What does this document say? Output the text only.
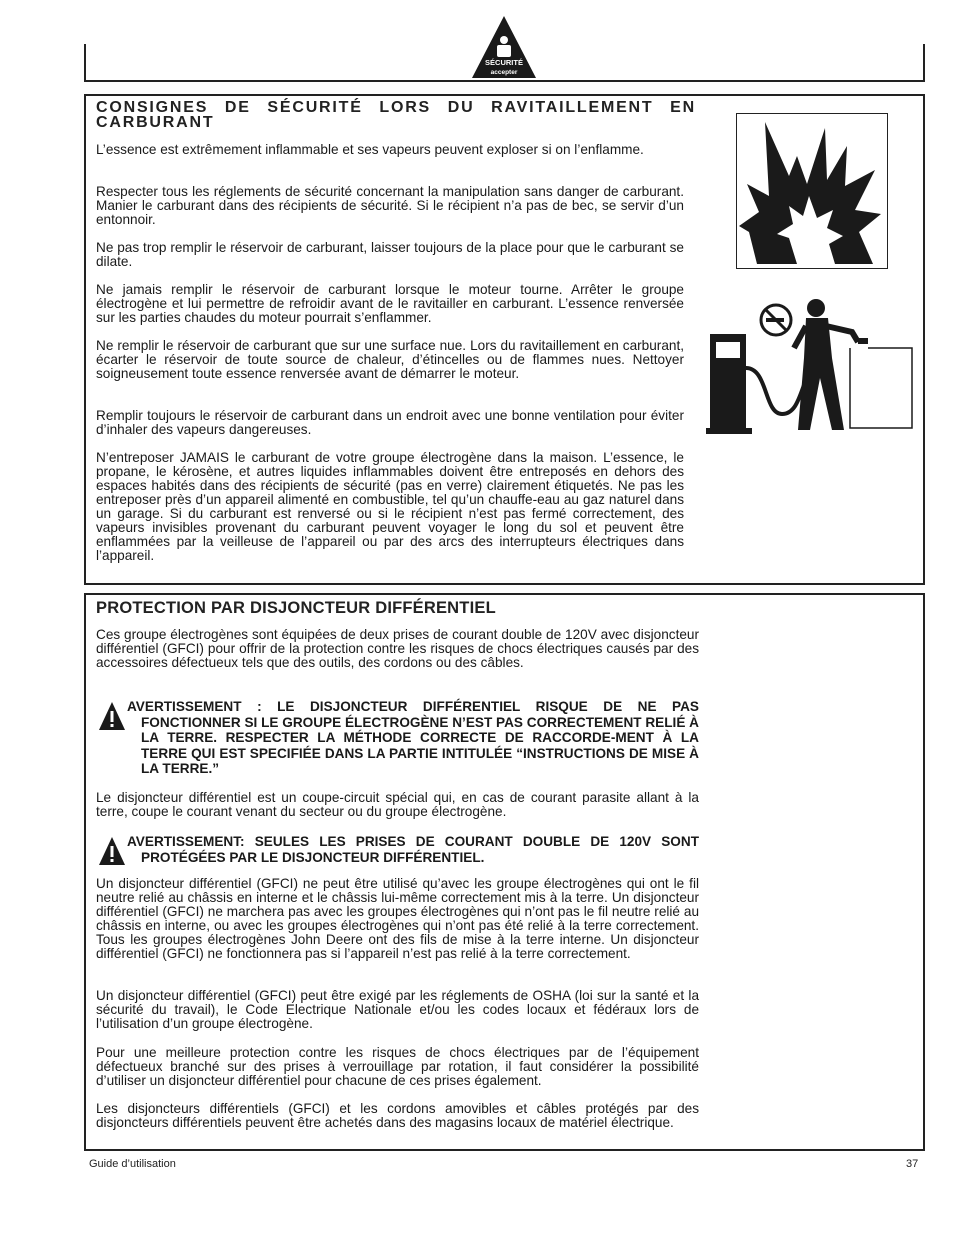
SÉCURITÉ
accepter
CONSIGNES DE SÉCURITÉ LORS DU RAVITAILLEMENT EN CARBURANT
L’essence est extrêmement inflammable et ses vapeurs peuvent exploser si on l’enflamme.
Respecter tous les réglements de sécurité concernant la manipulation sans danger de carburant. Manier le carburant dans des récipients de sécurité. Si le récipient n’a pas de bec, se servir d’un entonnoir.
Ne pas trop remplir le réservoir de carburant, laisser toujours de la place pour que le carburant se dilate.
Ne jamais remplir le réservoir de carburant lorsque le moteur tourne. Arrêter le groupe électrogène et lui permettre de refroidir avant de le ravitailler en carburant. L’essence renversée sur les parties chaudes du moteur pourrait s’enflammer.
Ne remplir le réservoir de carburant que sur une surface nue. Lors du ravitaillement en carburant, écarter le réservoir de toute source de chaleur, d’étincelles ou de flammes nues. Nettoyer soigneusement toute essence renversée avant de démarrer le moteur.
Remplir toujours le réservoir de carburant dans un endroit avec une bonne ventilation pour éviter d’inhaler des vapeurs dangereuses.
N’entreposer JAMAIS le carburant de votre groupe électrogène dans la maison. L’essence, le propane, le kérosène, et autres liquides inflammables doivent être entreposés en dehors des espaces habités dans des récipients de sécurité (pas en verre) clairement étiquetés. Ne pas les entreposer près d’un appareil alimenté en combustible, tel qu’un chauffe-eau au gaz naturel dans un garage. Si du carburant est renversé ou si le récipient n’est pas fermé correctement, des vapeurs invisibles provenant du carburant peuvent voyager le long du sol et peuvent être enflammées par la veilleuse de l’appareil ou par des arcs des interrupteurs électriques dans l’appareil.
PROTECTION PAR DISJONCTEUR DIFFÉRENTIEL
Ces groupe électrogènes sont équipées de deux prises de courant double de 120V avec disjoncteur différentiel (GFCI) pour offrir de la protection contre les risques de chocs électriques causés par des accessoires défectueux tels que des outils, des cordons ou des câbles.
AVERTISSEMENT : LE DISJONCTEUR DIFFÉRENTIEL RISQUE DE NE PAS FONCTIONNER SI LE GROUPE ÉLECTROGÈNE N’EST PAS CORRECTEMENT RELIÉ À LA TERRE. RESPECTER LA MÉTHODE CORRECTE DE RACCORDE-MENT À LA TERRE QUI EST SPECIFIÉE DANS LA PARTIE INTITULÉE “INSTRUCTIONS DE MISE À LA TERRE.”
Le disjoncteur différentiel est un coupe-circuit spécial qui, en cas de courant parasite allant à la terre, coupe le courant venant du secteur ou du groupe électrogène.
AVERTISSEMENT: SEULES LES PRISES DE COURANT DOUBLE DE 120V SONT PROTÉGÉES PAR LE DISJONCTEUR DIFFÉRENTIEL.
Un disjoncteur différentiel (GFCI) ne peut être utilisé qu’avec les groupe électrogènes qui ont le fil neutre relié au châssis en interne et le châssis lui-même correctement mis à la terre. Un disjoncteur différentiel (GFCI) ne marchera pas avec les groupes électrogènes qui n’ont pas le fil neutre relié au châssis en interne, ou avec les groupes électrogènes qui n’ont pas été relié à la terre correctement. Tous les groupes électrogènes John Deere ont des fils de mise à la terre interne. Un disjoncteur différentiel (GFCI) ne fonctionnera pas si l’appareil n’est pas relié à la terre correctement.
Un disjoncteur différentiel (GFCI) peut être exigé par les réglements de OSHA (loi sur la santé et la sécurité du travail), le Code Electrique Nationale et/ou les codes locaux et fédéraux lors de l’utilisation d’un groupe électrogène.
Pour une meilleure protection contre les risques de chocs électriques par de l’équipement défectueux branché sur des prises à verrouillage par rotation, il faut considérer la possibilité d’utiliser un disjoncteur différentiel pour chacune de ces prises également.
Les disjoncteurs différentiels (GFCI) et les cordons amovibles et câbles protégés par des disjoncteurs différentiels peuvent être achetés dans des magasins locaux de matériel électrique.
Guide d’utilisation	37
